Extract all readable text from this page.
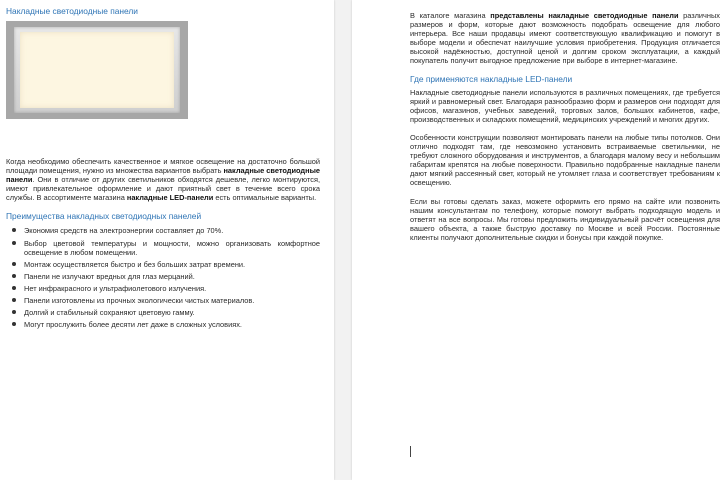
Накладные светодиодные панели
Когда необходимо обеспечить качественное и мягкое освещение на достаточно большой площади помещения, нужно из множества вариантов выбрать накладные светодиодные панели. Они в отличие от других светильников обходятся дешевле, легко монтируются, имеют привлекательное оформление и дают приятный свет в течение всего срока службы. В ассортименте магазина накладные LED-панели есть оптимальные варианты.
Преимущества накладных светодиодных панелей
Экономия средств на электроэнергии составляет до 70%.
Выбор цветовой температуры и мощности, можно организовать комфортное освещение в любом помещении.
Монтаж осуществляется быстро и без больших затрат времени.
Панели не излучают вредных для глаз мерцаний.
Нет инфракрасного и ультрафиолетового излучения.
Панели изготовлены из прочных экологически чистых материалов.
Долгий и стабильный сохраняют цветовую гамму.
Могут прослужить более десяти лет даже в сложных условиях.
В каталоге магазина представлены накладные светодиодные панели различных размеров и форм, которые дают возможность подобрать освещение для любого интерьера. Все наши продавцы имеют соответствующую квалификацию и помогут в выборе модели и обеспечат наилучшие условия приобретения. Продукция отличается высокой надёжностью, доступной ценой и долгим сроком эксплуатации, а каждый покупатель получит выгодное предложение при выборе в интернет-магазине.
Где применяются накладные LED-панели
Накладные светодиодные панели используются в различных помещениях, где требуется яркий и равномерный свет. Благодаря разнообразию форм и размеров они подходят для офисов, магазинов, учебных заведений, торговых залов, больших кабинетов, кафе, производственных и складских помещений, медицинских учреждений и многих других.
Особенности конструкции позволяют монтировать панели на любые типы потолков. Они отлично подходят там, где невозможно установить встраиваемые светильники, не требуют сложного оборудования и инструментов, а благодаря малому весу и небольшим габаритам крепятся на любые поверхности. Правильно подобранные накладные панели дают мягкий рассеянный свет, который не утомляет глаза и соответствует требованиям к освещению.
Если вы готовы сделать заказ, можете оформить его прямо на сайте или позвонить нашим консультантам по телефону, которые помогут выбрать подходящую модель и ответят на все вопросы. Мы готовы предложить индивидуальный расчёт освещения для вашего объекта, а также быструю доставку по Москве и всей России. Постоянные клиенты получают дополнительные скидки и бонусы при каждой покупке.
